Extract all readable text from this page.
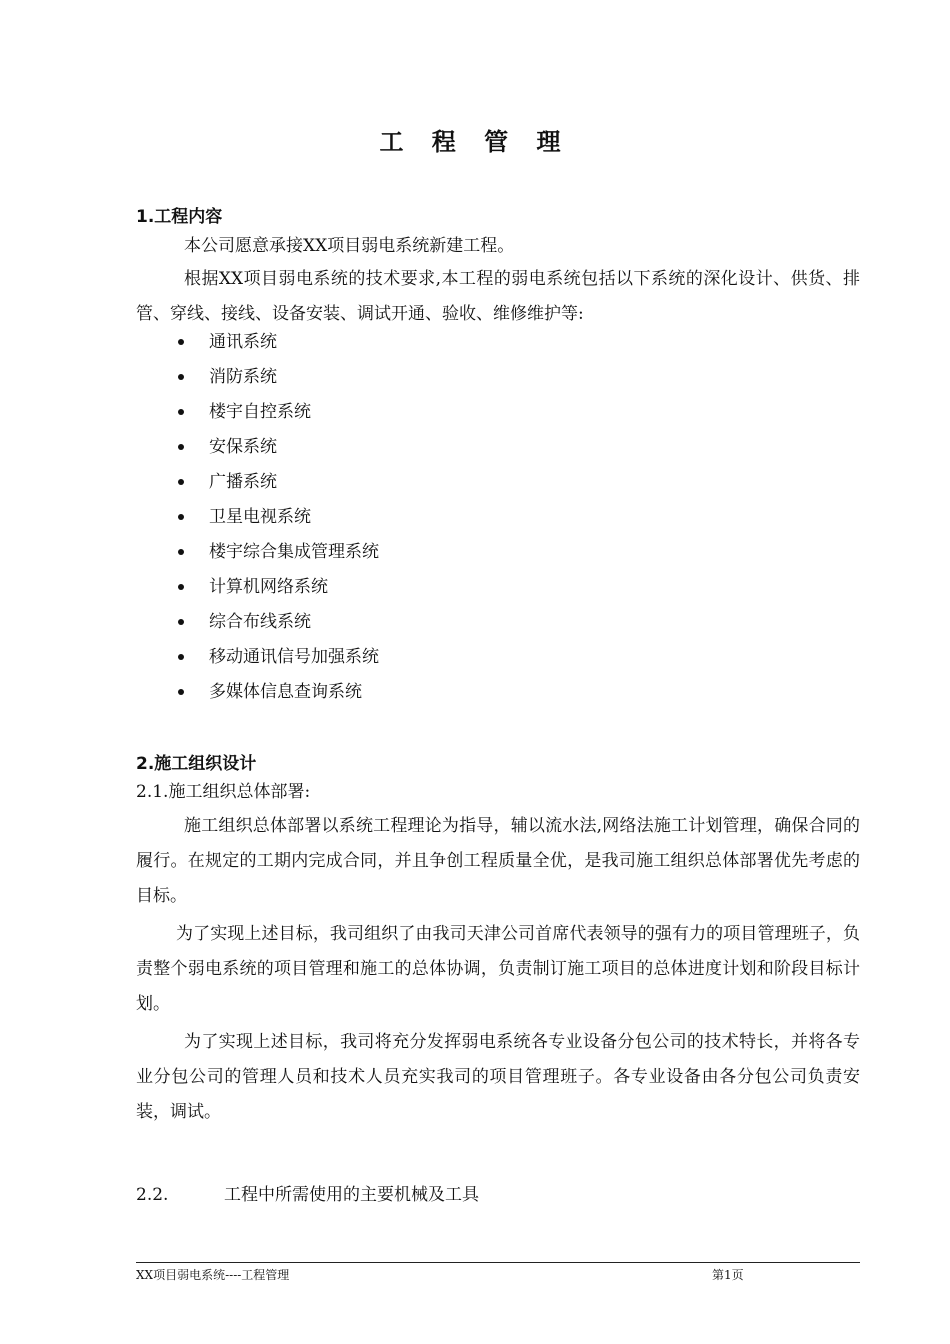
工 程 管 理
1.工程内容

本公司愿意承接XX项目弱电系统新建工程。

根据XX项目弱电系统的技术要求,本工程的弱电系统包括以下系统的深化设计、供货、排管、穿线、接线、设备安装、调试开通、验收、维修维护等:

通讯系统
消防系统
楼宇自控系统
安保系统
广播系统
卫星电视系统
楼宇综合集成管理系统
计算机网络系统
综合布线系统
移动通讯信号加强系统
多媒体信息查询系统
2.施工组织设计
2.1.施工组织总体部署:

施工组织总体部署以系统工程理论为指导，辅以流水法,网络法施工计划管理，确保合同的履行。在规定的工期内完成合同，并且争创工程质量全优，是我司施工组织总体部署优先考虑的目标。

为了实现上述目标，我司组织了由我司天津公司首席代表领导的强有力的项目管理班子，负责整个弱电系统的项目管理和施工的总体协调，负责制订施工项目的总体进度计划和阶段目标计划。

为了实现上述目标，我司将充分发挥弱电系统各专业设备分包公司的技术特长，并将各专业分包公司的管理人员和技术人员充实我司的项目管理班子。各专业设备由各分包公司负责安装，调试。

2.2.	工程中所需使用的主要机械及工具
XX项目弱电系统----工程管理	第1页
